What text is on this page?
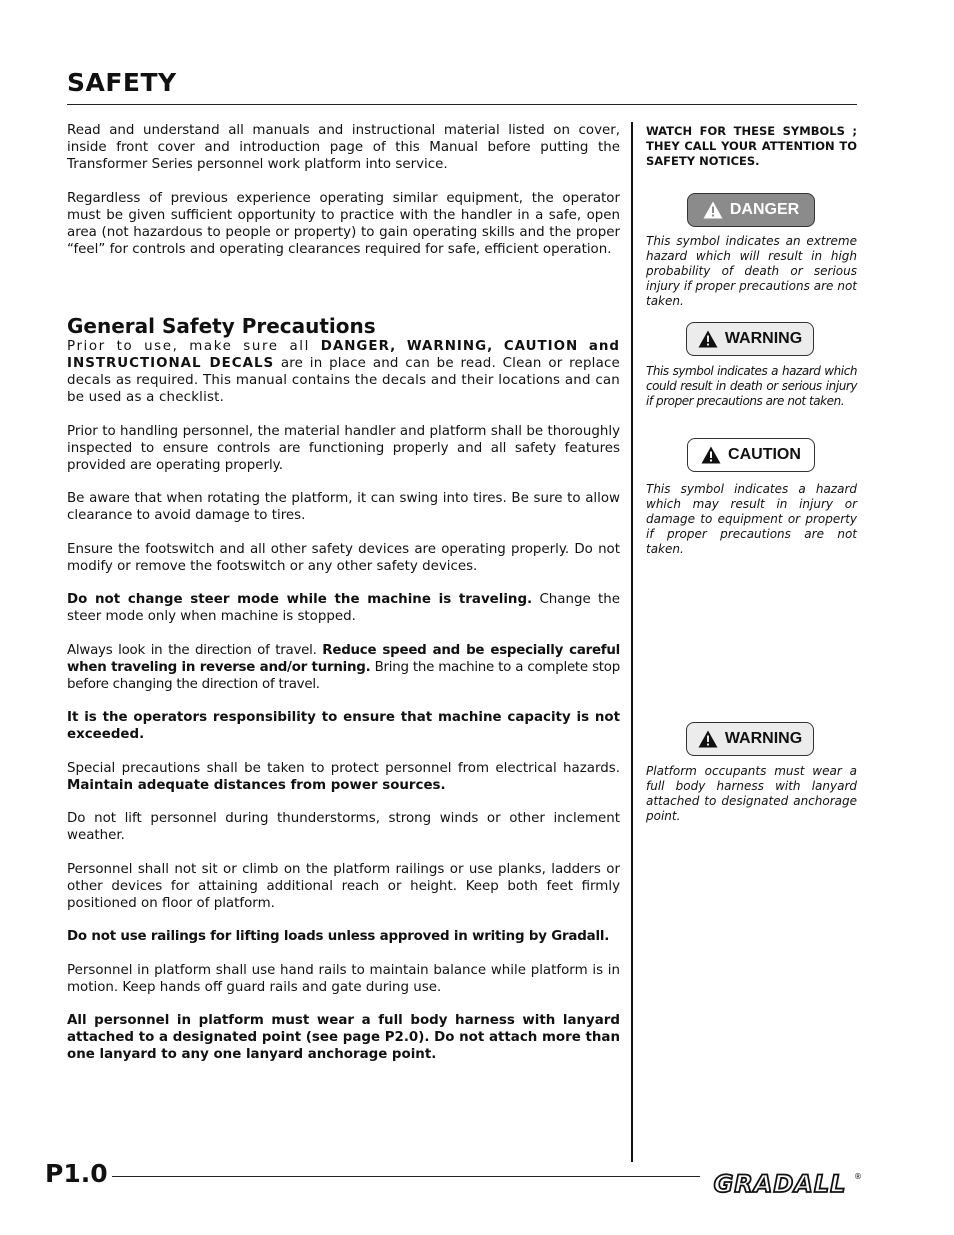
SAFETY

Read and understand all manuals and instructional material listed on cover, inside front cover and introduction page of this Manual before putting the Transformer Series personnel work platform into service.

Regardless of previous experience operating similar equipment, the operator must be given sufficient opportunity to practice with the handler in a safe, open area (not hazardous to people or property) to gain operating skills and the proper “feel” for controls and operating clearances required for safe, efficient operation.

General Safety Precautions

Prior to use, make sure all DANGER, WARNING, CAUTION and INSTRUCTIONAL DECALS are in place and can be read. Clean or replace decals as required. This manual contains the decals and their locations and can be used as a checklist.

Prior to handling personnel, the material handler and platform shall be thoroughly inspected to ensure controls are functioning properly and all safety features provided are operating properly.

Be aware that when rotating the platform, it can swing into tires. Be sure to allow clearance to avoid damage to tires.

Ensure the footswitch and all other safety devices are operating properly. Do not modify or remove the footswitch or any other safety devices.

Do not change steer mode while the machine is traveling. Change the steer mode only when machine is stopped.

Always look in the direction of travel. Reduce speed and be especially careful when traveling in reverse and/or turning. Bring the machine to a complete stop before changing the direction of travel.

It is the operators responsibility to ensure that machine capacity is not exceeded.

Special precautions shall be taken to protect personnel from electrical hazards. Maintain adequate distances from power sources.

Do not lift personnel during thunderstorms, strong winds or other inclement weather.

Personnel shall not sit or climb on the platform railings or use planks, ladders or other devices for attaining additional reach or height. Keep both feet firmly positioned on floor of platform.

Do not use railings for lifting loads unless approved in writing by Gradall.

Personnel in platform shall use hand rails to maintain balance while platform is in motion. Keep hands off guard rails and gate during use.

All personnel in platform must wear a full body harness with lanyard attached to a designated point (see page P2.0). Do not attach more than one lanyard to any one lanyard anchorage point.

WATCH FOR THESE SYMBOLS ; THEY CALL YOUR ATTENTION TO SAFETY NOTICES.

DANGER

This symbol indicates an extreme hazard which will result in high probability of death or serious injury if proper precautions are not taken.

WARNING

This symbol indicates a hazard which could result in death or serious injury if proper precautions are not taken.

CAUTION

This symbol indicates a hazard which may result in injury or damage to equipment or property if proper precautions are not taken.

WARNING

Platform occupants must wear a full body harness with lanyard attached to designated anchorage point.

P1.0	GRADALL ®
